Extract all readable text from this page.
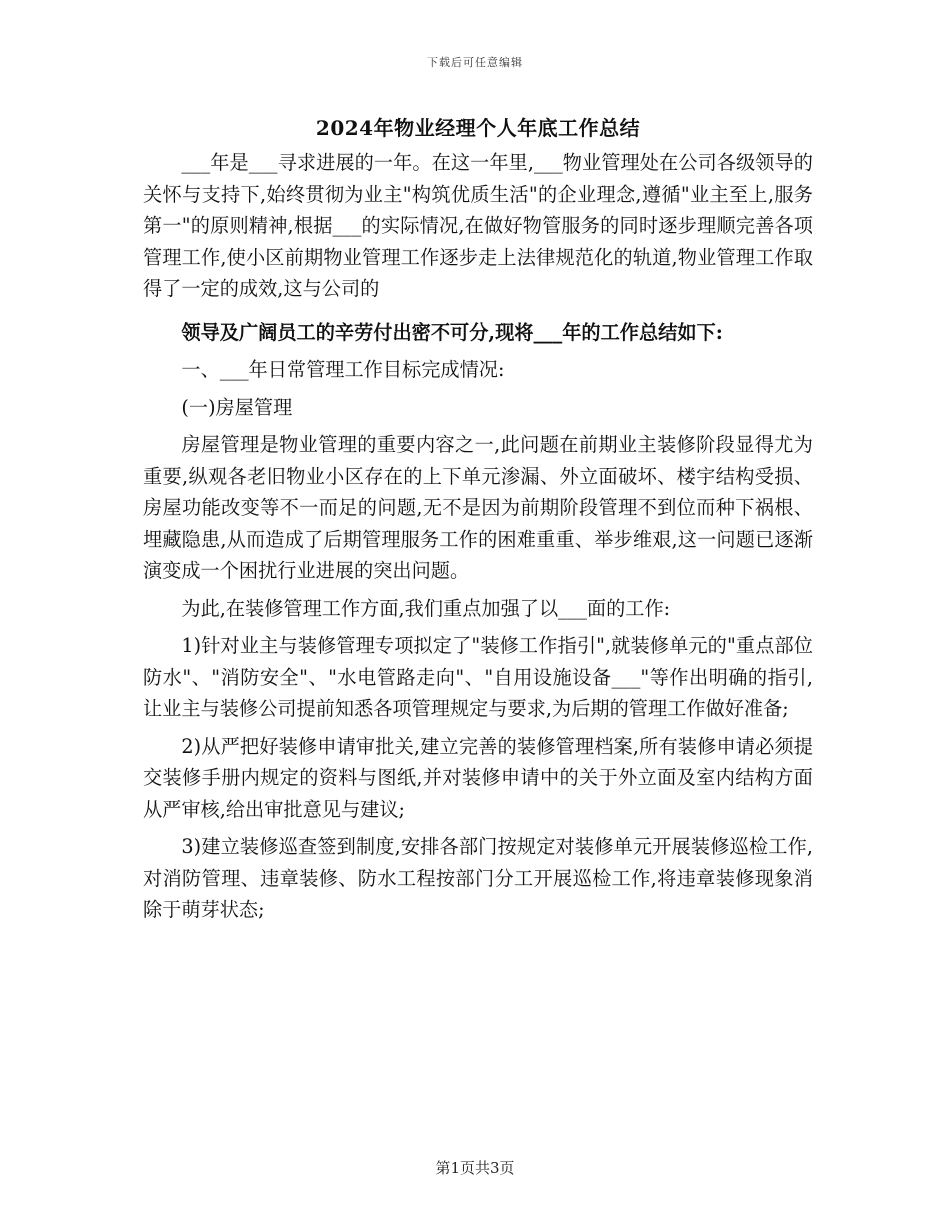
下载后可任意编辑
2024年物业经理个人年底工作总结

___年是___寻求进展的一年。在这一年里,___物业管理处在公司各级领导的关怀与支持下,始终贯彻为业主"构筑优质生活"的企业理念,遵循"业主至上,服务第一"的原则精神,根据___的实际情况,在做好物管服务的同时逐步理顺完善各项管理工作,使小区前期物业管理工作逐步走上法律规范化的轨道,物业管理工作取得了一定的成效,这与公司的

领导及广阔员工的辛劳付出密不可分,现将___年的工作总结如下:

一、___年日常管理工作目标完成情况:

(一)房屋管理

房屋管理是物业管理的重要内容之一,此问题在前期业主装修阶段显得尤为重要,纵观各老旧物业小区存在的上下单元渗漏、外立面破坏、楼宇结构受损、房屋功能改变等不一而足的问题,无不是因为前期阶段管理不到位而种下祸根、埋藏隐患,从而造成了后期管理服务工作的困难重重、举步维艰,这一问题已逐渐演变成一个困扰行业进展的突出问题。

为此,在装修管理工作方面,我们重点加强了以___面的工作:

1)针对业主与装修管理专项拟定了"装修工作指引",就装修单元的"重点部位防水"、"消防安全"、"水电管路走向"、"自用设施设备___"等作出明确的指引,让业主与装修公司提前知悉各项管理规定与要求,为后期的管理工作做好准备;

2)从严把好装修申请审批关,建立完善的装修管理档案,所有装修申请必须提交装修手册内规定的资料与图纸,并对装修申请中的关于外立面及室内结构方面从严审核,给出审批意见与建议;

3)建立装修巡查签到制度,安排各部门按规定对装修单元开展装修巡检工作,对消防管理、违章装修、防水工程按部门分工开展巡检工作,将违章装修现象消除于萌芽状态;

第1页共3页
